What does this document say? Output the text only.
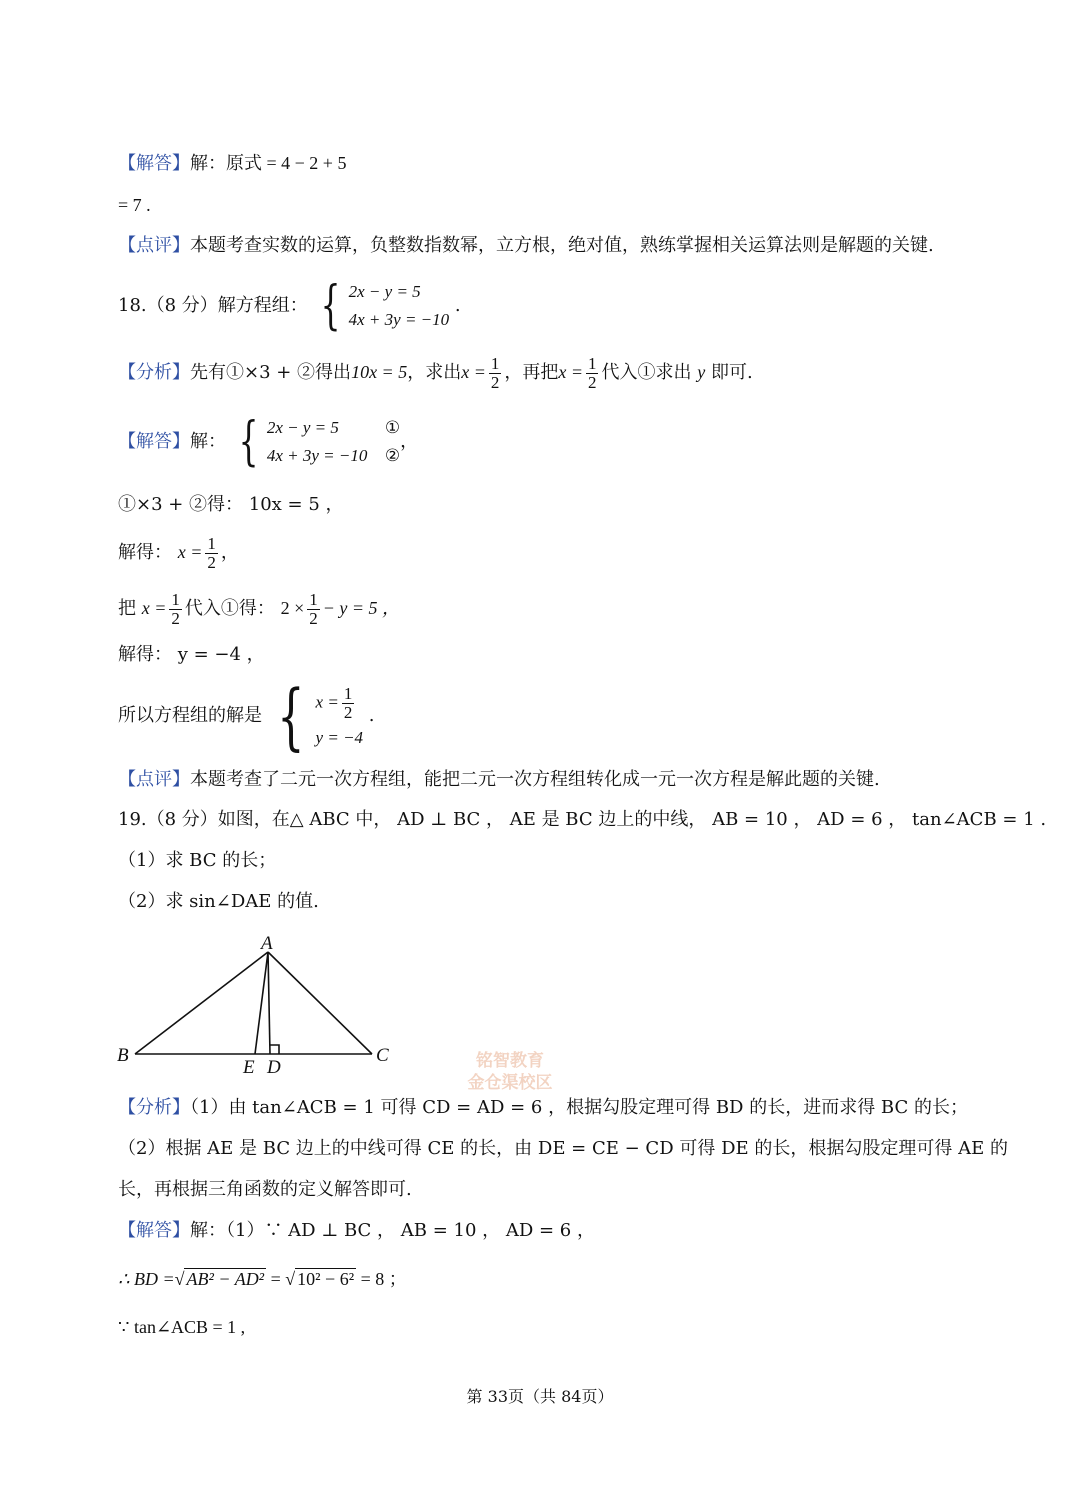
【解答】解：原式 = 4 − 2 + 5
= 7 .
【点评】本题考查实数的运算，负整数指数幂，立方根，绝对值，熟练掌握相关运算法则是解题的关键.
18.（8 分）解方程组： { 2x − y = 5
4x + 3y = −10
.
【分析】先有①×3 + ②得出10x = 5，求出$x = \frac{1}{2}$ ，再把$x = \frac{1}{2}$ 代入①求出 y 即可.
【解答】解： { 2x − y = 5	①
4x + 3y = −10 ②
，
①×3 + ②得： 10x = 5 ，
解得： $x = \frac{1}{2}$ ，
把 $x = \frac{1}{2}$ 代入①得： $2 \times \frac{1}{2} - y = 5$ ，
解得： y = −4 ，
所以方程组的解是 { $x = \frac{1}{2}$
y = −4
.
【点评】本题考查了二元一次方程组，能把二元一次方程组转化成一元一次方程是解此题的关键.
19.（8 分）如图，在△ ABC 中， AD ⊥ BC ， AE 是 BC 边上的中线， AB = 10 ， AD = 6 ， tan∠ACB = 1 .
（1）求 BC 的长；
（2）求 sin∠DAE 的值.
A
B	C
D
E	铭智教育
金仓渠校区
【分析】（1）由 tan∠ACB = 1 可得 CD = AD = 6 ，根据勾股定理可得 BD 的长，进而求得 BC 的长；
（2）根据 AE 是 BC 边上的中线可得 CE 的长，由 DE = CE − CD 可得 DE 的长，根据勾股定理可得 AE 的
长，再根据三角函数的定义解答即可.
【解答】解：（1）∵ AD ⊥ BC ， AB = 10 ， AD = 6 ，
∴ BD =√ AB² − AD² = √ 10² − 6² = 8 ；
∵ tan∠ACB = 1 ,
第 33页（共 84页）
